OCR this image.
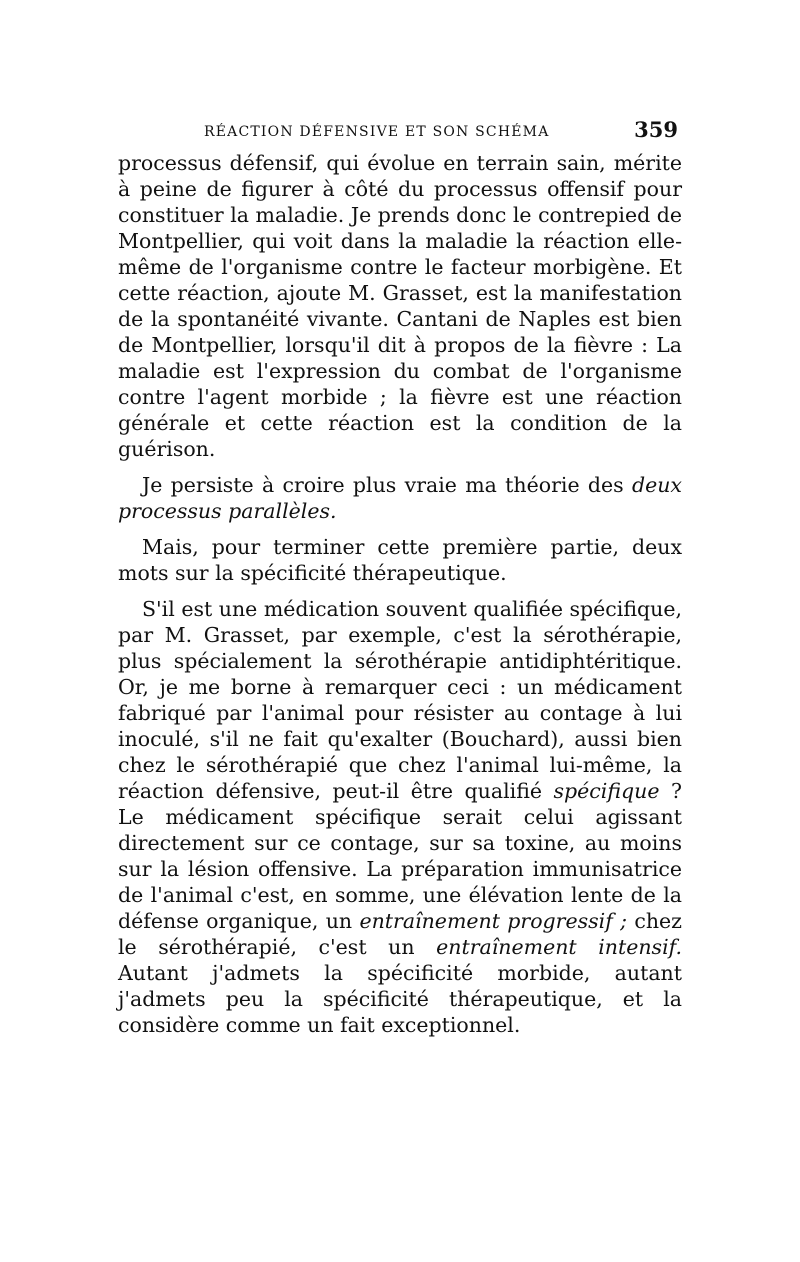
RÉACTION DÉFENSIVE ET SON SCHÉMA	359

processus défensif, qui évolue en terrain sain, mérite à peine de figurer à côté du processus offensif pour constituer la maladie. Je prends donc le contrepied de Montpellier, qui voit dans la maladie la réaction elle-même de l'organisme contre le facteur morbigène. Et cette réaction, ajoute M. Grasset, est la manifestation de la spontanéité vivante. Cantani de Naples est bien de Montpellier, lorsqu'il dit à propos de la fièvre : La maladie est l'expression du combat de l'organisme contre l'agent morbide ; la fièvre est une réaction générale et cette réaction est la condition de la guérison.

Je persiste à croire plus vraie ma théorie des deux processus parallèles.

Mais, pour terminer cette première partie, deux mots sur la spécificité thérapeutique.

S'il est une médication souvent qualifiée spécifique, par M. Grasset, par exemple, c'est la sérothérapie, plus spécialement la sérothérapie antidiphtéritique. Or, je me borne à remarquer ceci : un médicament fabriqué par l'animal pour résister au contage à lui inoculé, s'il ne fait qu'exalter (Bouchard), aussi bien chez le sérothérapié que chez l'animal lui-même, la réaction défensive, peut-il être qualifié spécifique ? Le médicament spécifique serait celui agissant directement sur ce contage, sur sa toxine, au moins sur la lésion offensive. La préparation immunisatrice de l'animal c'est, en somme, une élévation lente de la défense organique, un entraînement progressif ; chez le sérothérapié, c'est un entraînement intensif. Autant j'admets la spécificité morbide, autant j'admets peu la spécificité thérapeutique, et la considère comme un fait exceptionnel.
